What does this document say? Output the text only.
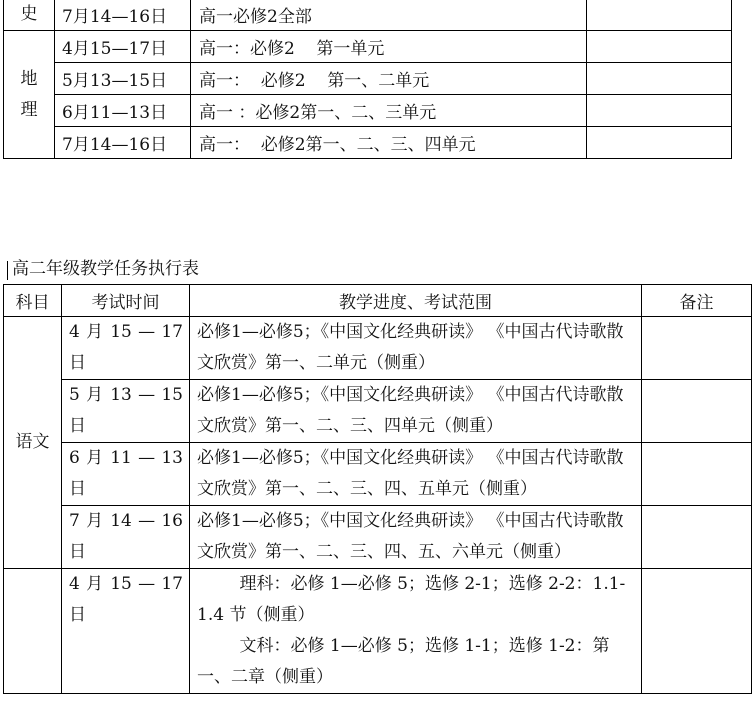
史	7月14—16日	高一必修2全部	

地理	4月15—17日	高一：必修2    第一单元	
	5月13—15日	高一：  必修2    第一、二单元	
	6月11—13日	高一 ：必修2第一、二、三单元	
	7月14—16日	高一：  必修2第一、二、三、四单元	
高二年级教学任务执行表
科目	考试时间	教学进度、考试范围	备注
语文	4 月 15 — 17 日	必修1—必修5；《中国文化经典研读》 《中国古代诗歌散文欣赏》第一、二单元（侧重）	
	5 月 13 — 15 日	必修1—必修5；《中国文化经典研读》 《中国古代诗歌散文欣赏》第一、二、三、四单元（侧重）	
	6 月 11 — 13 日	必修1—必修5；《中国文化经典研读》 《中国古代诗歌散文欣赏》第一、二、三、四、五单元（侧重）	
	7 月 14 — 16 日	必修1—必修5；《中国文化经典研读》 《中国古代诗歌散文欣赏》第一、二、三、四、五、六单元（侧重）	
	4 月 15 — 17 日	理科：必修 1—必修 5；选修 2-1；选修 2-2：1.1-1.4 节（侧重）
文科：必修 1—必修 5；选修 1-1；选修 1-2：第一、二章（侧重）	
